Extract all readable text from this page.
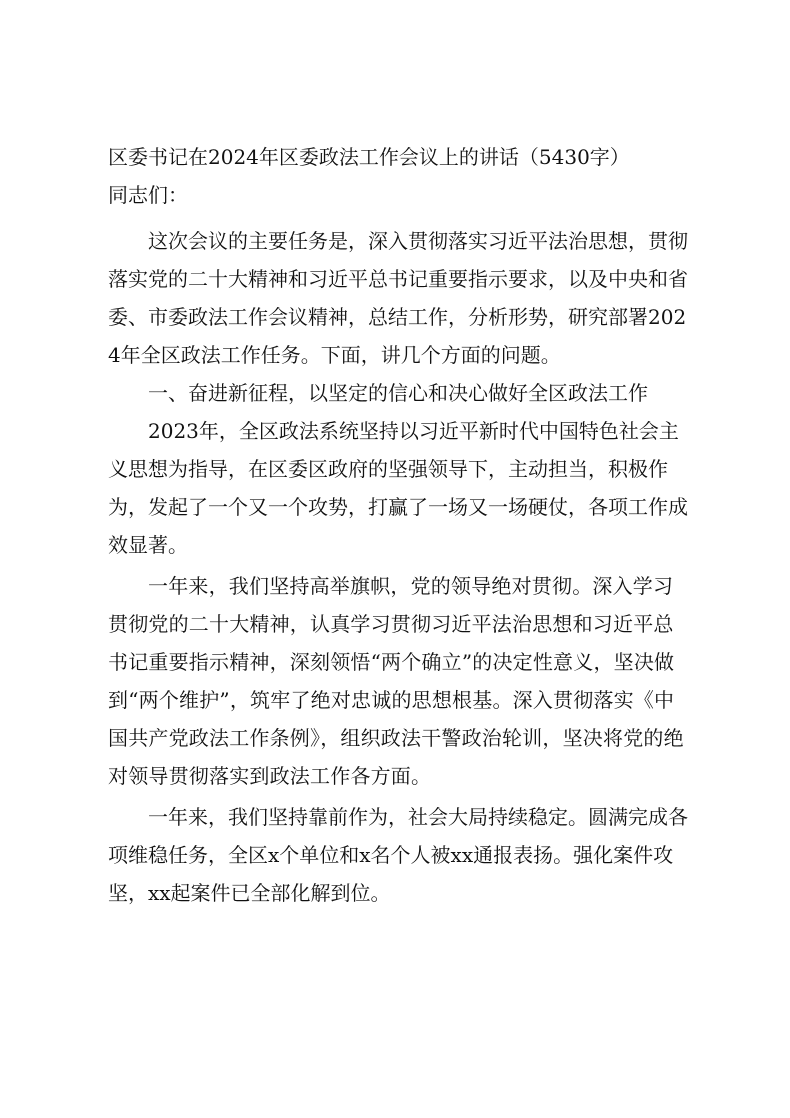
区委书记在2024年区委政法工作会议上的讲话（5430字）

同志们：

这次会议的主要任务是，深入贯彻落实习近平法治思想，贯彻落实党的二十大精神和习近平总书记重要指示要求，以及中央和省委、市委政法工作会议精神，总结工作，分析形势，研究部署2024年全区政法工作任务。下面，讲几个方面的问题。

一、奋进新征程，以坚定的信心和决心做好全区政法工作

2023年，全区政法系统坚持以习近平新时代中国特色社会主义思想为指导，在区委区政府的坚强领导下，主动担当，积极作为，发起了一个又一个攻势，打赢了一场又一场硬仗，各项工作成效显著。

一年来，我们坚持高举旗帜，党的领导绝对贯彻。深入学习贯彻党的二十大精神，认真学习贯彻习近平法治思想和习近平总书记重要指示精神，深刻领悟“两个确立”的决定性意义，坚决做到“两个维护”，筑牢了绝对忠诚的思想根基。深入贯彻落实《中国共产党政法工作条例》，组织政法干警政治轮训，坚决将党的绝对领导贯彻落实到政法工作各方面。

一年来，我们坚持靠前作为，社会大局持续稳定。圆满完成各项维稳任务，全区x个单位和x名个人被xx通报表扬。强化案件攻坚，xx起案件已全部化解到位。
